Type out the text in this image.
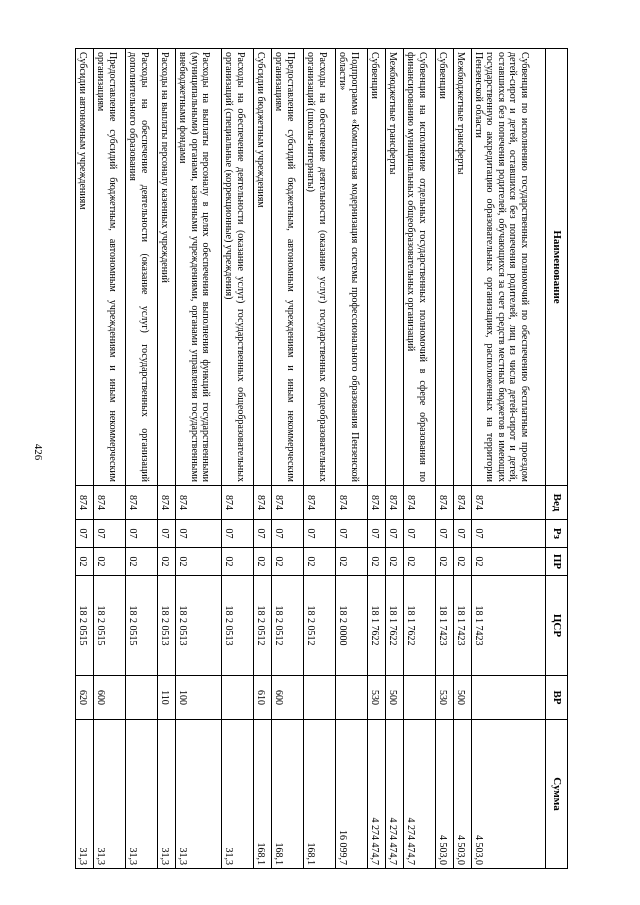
426
Наименование	Вед	Рз	ПР	ЦСР	ВР	Сумма
Субвенция по исполнению государственных полномочий по обеспечению бесплатным проездом детей-сирот и детей, оставшихся без попечения родителей, лиц из числа детей-сирот и детей, оставшихся без попечения родителей, обучающихся за счет средств местных бюджетов в имеющих государственную аккредитацию образовательных организациях, расположенных на территории Пензенской области	874	07	02	18 1 7423		4 503,0
Межбюджетные трансферты	874	07	02	18 1 7423	500	4 503,0
Субвенции	874	07	02	18 1 7423	530	4 503,0
Субвенция на исполнение отдельных государственных полномочий в сфере образования по финансированию муниципальных общеобразовательных организаций	874	07	02	18 1 7622		4 274 474,7
Межбюджетные трансферты	874	07	02	18 1 7622	500	4 274 474,7
Субвенции	874	07	02	18 1 7622	530	4 274 474,7
Подпрограмма «Комплексная модернизация системы профессионального образования Пензенской области»	874	07	02	18 2 0000		16 099,7
Расходы на обеспечение деятельности (оказание услуг) государственных общеобразовательных организаций (школы-интернаты)	874	07	02	18 2 0512		168,1
Предоставление субсидий бюджетным, автономным учреждениям и иным некоммерческим организациям	874	07	02	18 2 0512	600	168,1
Субсидии бюджетным учреждениям	874	07	02	18 2 0512	610	168,1
Расходы на обеспечение деятельности (оказание услуг) государственных общеобразовательных организаций (специальные (коррекционные) учреждения)	874	07	02	18 2 0513		31,3
Расходы на выплаты персоналу в целях обеспечения выполнения функций государственными (муниципальными) органами, казенными учреждениями, органами управления государственными внебюджетными фондами	874	07	02	18 2 0513	100	31,3
Расходы на выплаты персоналу казенных учреждений	874	07	02	18 2 0513	110	31,3
Расходы на обеспечение деятельности (оказание услуг) государственных организаций дополнительного образования	874	07	02	18 2 0515		31,3
Предоставление субсидий бюджетным, автономным учреждениям и иным некоммерческим организациям	874	07	02	18 2 0515	600	31,3
Субсидии автономным учреждениям	874	07	02	18 2 0515	620	31,3
